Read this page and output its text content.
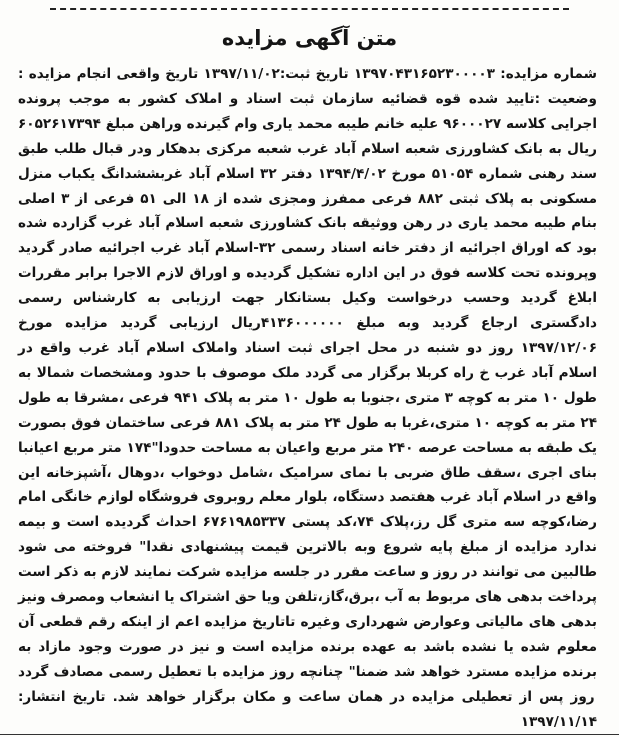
متن آگهی مزایده
شماره مزایده: ۱۳۹۷۰۴۳۱۶۵۲۳۰۰۰۰۳ تاریخ ثبت:۱۳۹۷/۱۱/۰۲ تاریخ واقعی انجام مزایده : وضعیت :تایید شده قوه قضائیه سازمان ثبت اسناد و املاک کشور به موجب پرونده اجرایی کلاسه ۹۶۰۰۰۲۷ علیه خانم طیبه محمد یاری وام گیرنده وراهن مبلغ ۶۰۵۲۶۱۷۳۹۴ ریال به بانک کشاورزی شعبه اسلام آباد غرب شعبه مرکزی بدهکار ودر قبال طلب طبق سند رهنی شماره ۵۱۰۵۴ مورخ ۱۳۹۴/۴/۰۲ دفتر ۳۲ اسلام آباد غربششدانگ یکباب منزل مسکونی به پلاک ثبتی ۸۸۲ فرعی ممفرز ومجزی شده از ۱۸ الی ۵۱ فرعی از ۳ اصلی بنام طیبه محمد یاری در رهن ووثیقه بانک کشاورزی شعبه اسلام آباد غرب گزارده شده بود که اوراق اجرائیه از دفتر خانه اسناد رسمی ۳۲-اسلام آباد غرب اجرائیه صادر گردید وپرونده تحت کلاسه فوق در این اداره تشکیل گردیده و اوراق لازم الاجرا برابر مقررات ابلاغ گردید وحسب درخواست وکیل بستانکار جهت ارزیابی به کارشناس رسمی دادگستری ارجاع گردید وبه مبلغ ۴۱۳۶۰۰۰۰۰۰ریال ارزیابی گردید مزایده مورخ ۱۳۹۷/۱۲/۰۶ روز دو شنبه در محل اجرای ثبت اسناد واملاک اسلام آباد غرب واقع در اسلام آباد غرب خ راه کربلا برگزار می گردد ملک موصوف با حدود ومشخصات شمالا به طول ۱۰ متر به کوچه ۳ متری ،جنوبا به طول ۱۰ متر به پلاک ۹۴۱ فرعی ،مشرقا به طول ۲۴ متر به کوچه ۱۰ متری،غربا به طول ۲۴ متر به پلاک ۸۸۱ فرعی ساختمان فوق بصورت یک طبقه به مساحت عرصه ۲۴۰ متر مربع واعیان به مساحت حدودا"۱۷۴ متر مربع اعیانبا بنای اجری ،سقف طاق ضربی با نمای سرامیک ،شامل دوخواب ،دوهال ،آشپزخانه این واقع در اسلام آباد غرب هفتصد دستگاه، بلوار معلم روبروی فروشگاه لوازم خانگی امام رضا،کوچه سه متری گل رز،پلاک ۷۴،کد پستی ۶۷۶۱۹۸۵۳۳۷ احداث گردیده است و بیمه ندارد مزایده از مبلغ پایه شروع وبه بالاترین قیمت پیشنهادی نقدا" فروخته می شود طالبین می توانند در روز و ساعت مقرر در جلسه مزایده شرکت نمایند لازم به ذکر است پرداخت بدهی های مربوط به آب ،برق،گاز،تلفن ویا حق اشتراک یا انشعاب ومصرف ونیز بدهی های مالیاتی وعوارض شهرداری وغیره تاتاریخ مزایده اعم از اینکه رقم قطعی آن معلوم شده یا نشده باشد به عهده برنده مزایده است و نیز در صورت وجود مازاد به برنده مزایده مسترد خواهد شد ضمنا" چنانچه روز مزایده با تعطیل رسمی مصادف گردد روز پس از تعطیلی مزایده در همان ساعت و مکان برگزار خواهد شد. تاریخ انتشار: ۱۳۹۷/۱۱/۱۴
